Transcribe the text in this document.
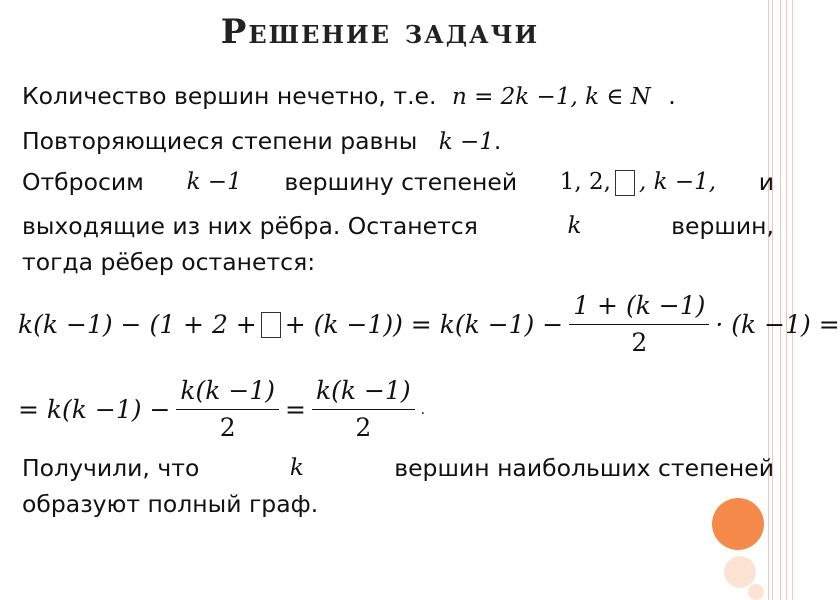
Решение задачи
Количество вершин нечетно, т.е. n = 2k −1, k ∈ N .
Повторяющиеся степени равны k −1.
Отбросим k −1 вершину степеней 1, 2, , k −1, и
выходящие из них рёбра. Останется	k	вершин,
тогда рёбер останется:
k(k −1) − (1 + 2 + + $(k -1)) = k(k -1) - \frac{1 + (k -1)}{2} \cdot (k -1)$ =
= $k(k -1) - \frac{k(k -1)}{2} = \frac{k(k -1)}{2}$ .
Получили, что	k	вершин наибольших степеней
образуют полный граф.
